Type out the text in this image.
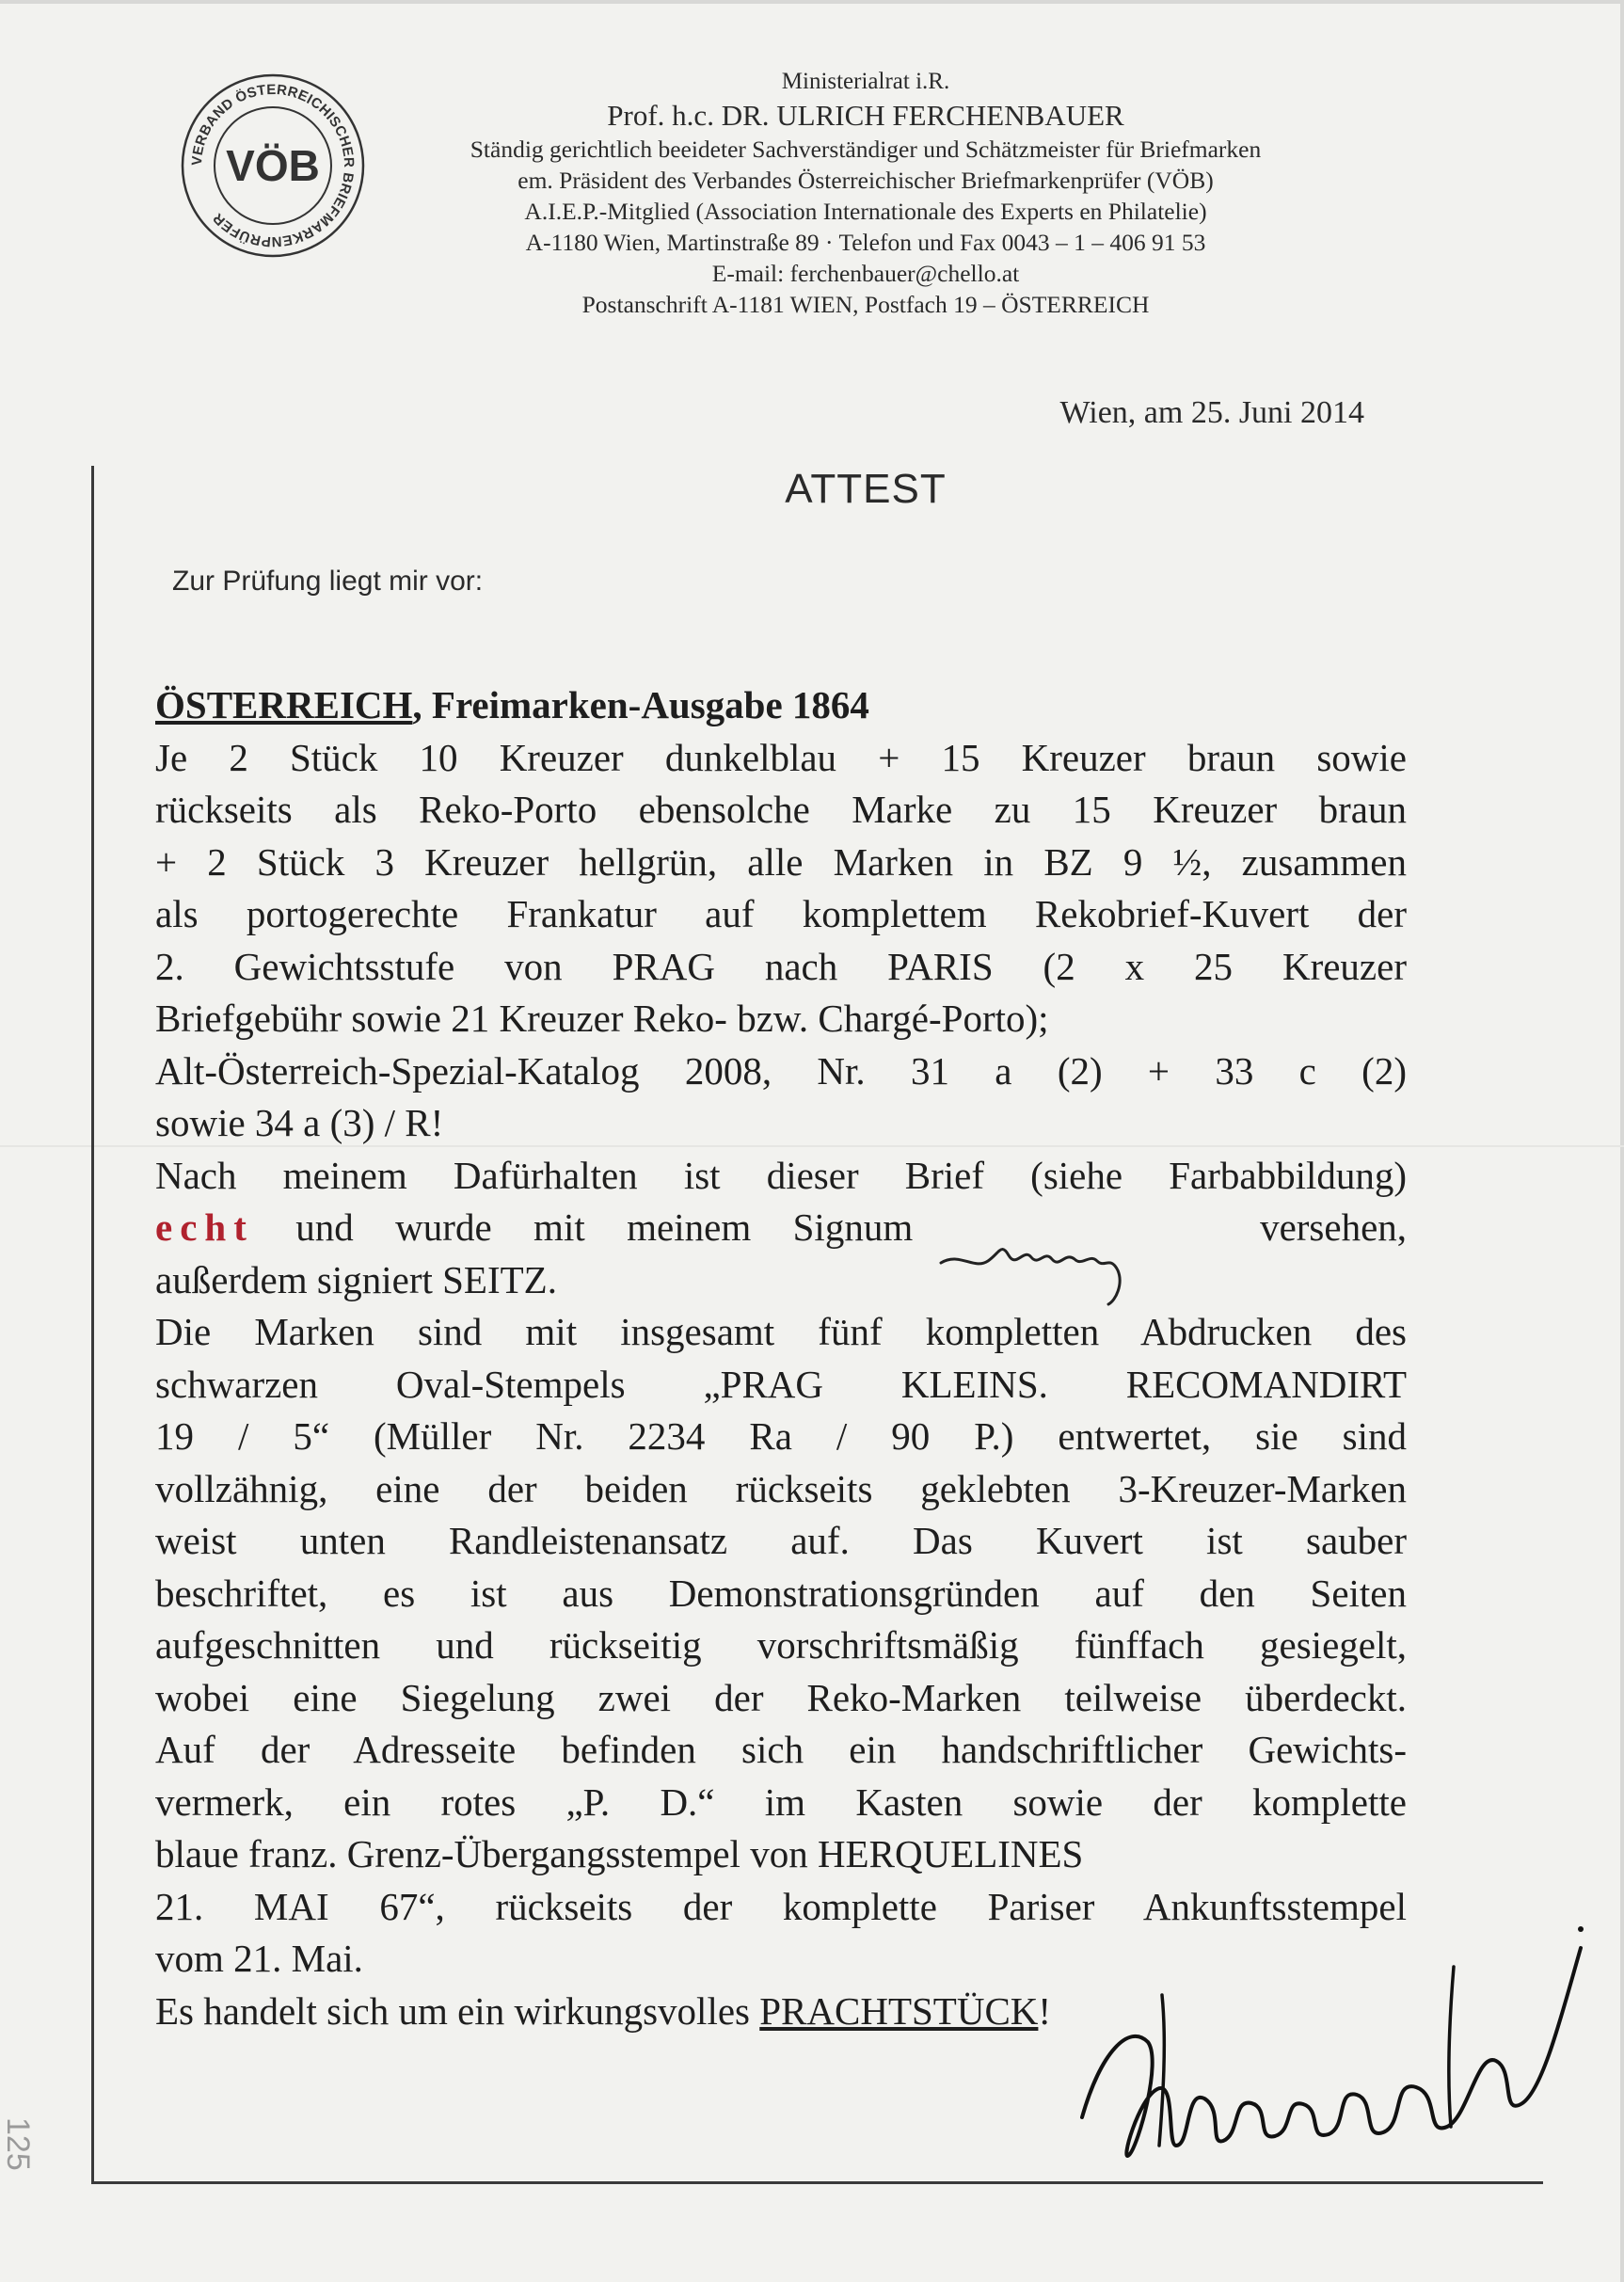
VERBAND ÖSTERREICHISCHER BRIEFMARKENPRÜFER
VÖB
Ministerialrat i.R.
Prof. h.c. DR. ULRICH FERCHENBAUER
Ständig gerichtlich beeideter Sachverständiger und Schätzmeister für Briefmarken
em. Präsident des Verbandes Österreichischer Briefmarkenprüfer (VÖB)
A.I.E.P.-Mitglied (Association Internationale des Experts en Philatelie)
A-1180 Wien, Martinstraße 89 · Telefon und Fax 0043 – 1 – 406 91 53
E-mail: ferchenbauer@chello.at
Postanschrift A-1181 WIEN, Postfach 19 – ÖSTERREICH
Wien, am 25. Juni 2014
ATTEST
Zur Prüfung liegt mir vor:
ÖSTERREICH, Freimarken-Ausgabe 1864
Je 2 Stück 10 Kreuzer dunkelblau + 15 Kreuzer braun sowie
rückseits als Reko-Porto ebensolche Marke zu 15 Kreuzer braun
+ 2 Stück 3 Kreuzer hellgrün, alle Marken in BZ 9 ½, zusammen
als portogerechte Frankatur auf komplettem Rekobrief-Kuvert der
2. Gewichtsstufe von PRAG nach PARIS (2 x 25 Kreuzer
Briefgebühr sowie 21 Kreuzer Reko- bzw. Chargé-Porto);
Alt-Österreich-Spezial-Katalog 2008, Nr. 31 a (2) + 33 c (2)
sowie 34 a (3) / R!
Nach meinem Dafürhalten ist dieser Brief (siehe Farbabbildung)
echt und wurde mit meinem Signum	versehen,
außerdem signiert SEITZ.
Die Marken sind mit insgesamt fünf kompletten Abdrucken des
schwarzen Oval-Stempels „PRAG KLEINS. RECOMANDIRT
19 / 5“ (Müller Nr. 2234 Ra / 90 P.) entwertet, sie sind
vollzähnig, eine der beiden rückseits geklebten 3-Kreuzer-Marken
weist unten Randleistenansatz auf. Das Kuvert ist sauber
beschriftet, es ist aus Demonstrationsgründen auf den Seiten
aufgeschnitten und rückseitig vorschriftsmäßig fünffach gesiegelt,
wobei eine Siegelung zwei der Reko-Marken teilweise überdeckt.
Auf der Adresseite befinden sich ein handschriftlicher Gewichts-
vermerk, ein rotes „P. D.“ im Kasten sowie der komplette
blaue franz. Grenz-Übergangsstempel von HERQUELINES
21. MAI 67“, rückseits der komplette Pariser Ankunftsstempel
vom 21. Mai.
Es handelt sich um ein wirkungsvolles PRACHTSTÜCK!
125
